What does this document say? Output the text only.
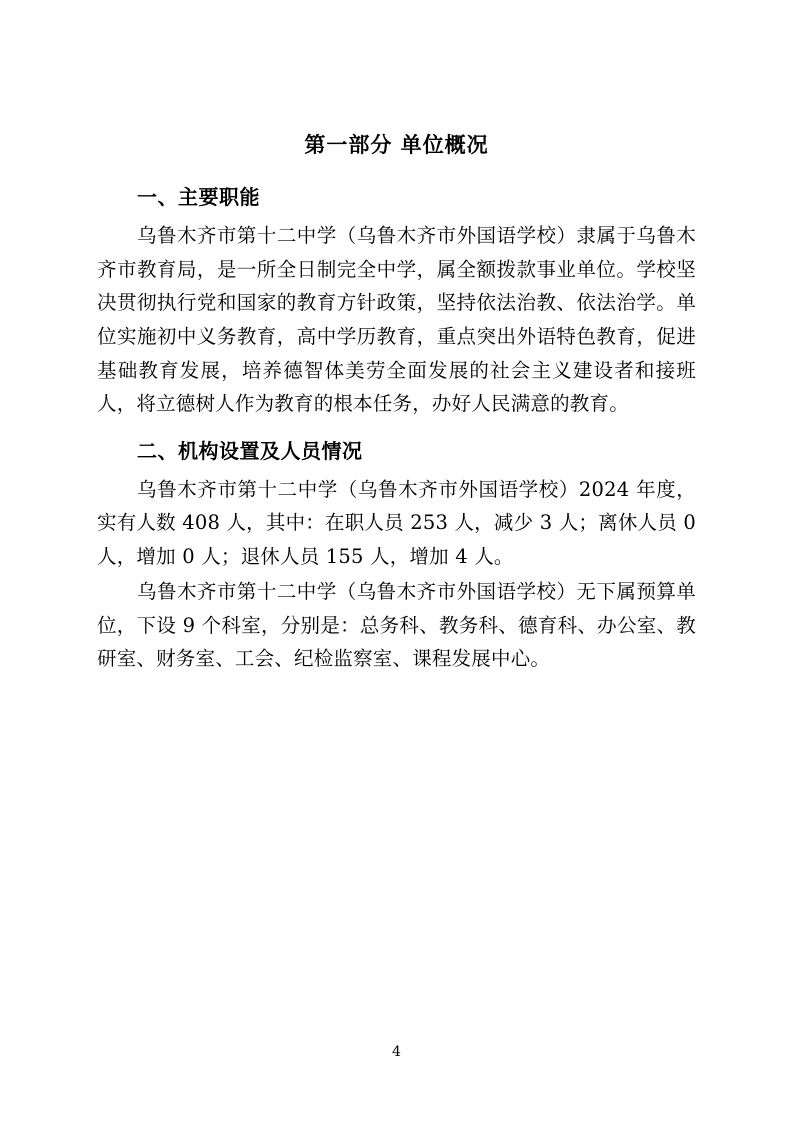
第一部分 单位概况
一、主要职能

乌鲁木齐市第十二中学（乌鲁木齐市外国语学校）隶属于乌鲁木齐市教育局，是一所全日制完全中学，属全额拨款事业单位。学校坚决贯彻执行党和国家的教育方针政策，坚持依法治教、依法治学。单位实施初中义务教育，高中学历教育，重点突出外语特色教育，促进基础教育发展，培养德智体美劳全面发展的社会主义建设者和接班人，将立德树人作为教育的根本任务，办好人民满意的教育。

二、机构设置及人员情况

乌鲁木齐市第十二中学（乌鲁木齐市外国语学校）2024 年度，实有人数 408 人，其中：在职人员 253 人，减少 3 人；离休人员 0 人，增加 0 人；退休人员 155 人，增加 4 人。

乌鲁木齐市第十二中学（乌鲁木齐市外国语学校）无下属预算单位，下设 9 个科室，分别是：总务科、教务科、德育科、办公室、教研室、财务室、工会、纪检监察室、课程发展中心。

4
